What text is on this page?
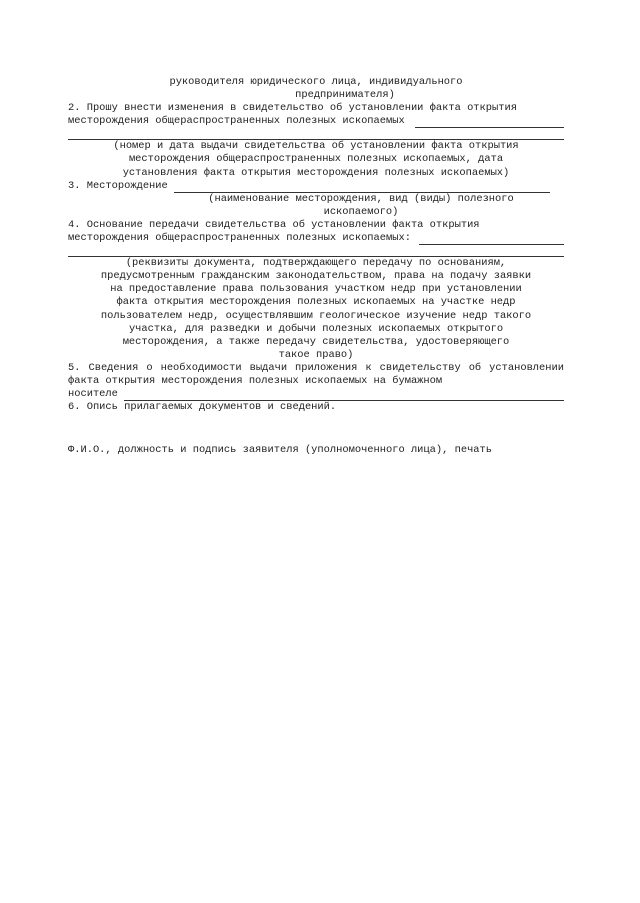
руководителя юридического лица, индивидуального
предпринимателя)
2. Прошу внести изменения в свидетельство об установлении факта открытия
месторождения общераспространенных полезных ископаемых
(номер и дата выдачи свидетельства об установлении факта открытия
месторождения общераспространенных полезных ископаемых, дата
установления факта открытия месторождения полезных ископаемых)
3. Месторождение
(наименование месторождения, вид (виды) полезного
ископаемого)
4. Основание передачи свидетельства об установлении факта открытия
месторождения общераспространенных полезных ископаемых:
(реквизиты документа, подтверждающего передачу по основаниям,
предусмотренным гражданским законодательством, права на подачу заявки
на предоставление права пользования участком недр при установлении
факта открытия месторождения полезных ископаемых на участке недр
пользователем недр, осуществлявшим геологическое изучение недр такого
участка, для разведки и добычи полезных ископаемых открытого
месторождения, а также передачу свидетельства, удостоверяющего
такое право)
5. Сведения о необходимости выдачи приложения к свидетельству об установлении факта открытия месторождения полезных ископаемых на бумажном
носителе
6. Опись прилагаемых документов и сведений.
Ф.И.О., должность и подпись заявителя (уполномоченного лица), печать
